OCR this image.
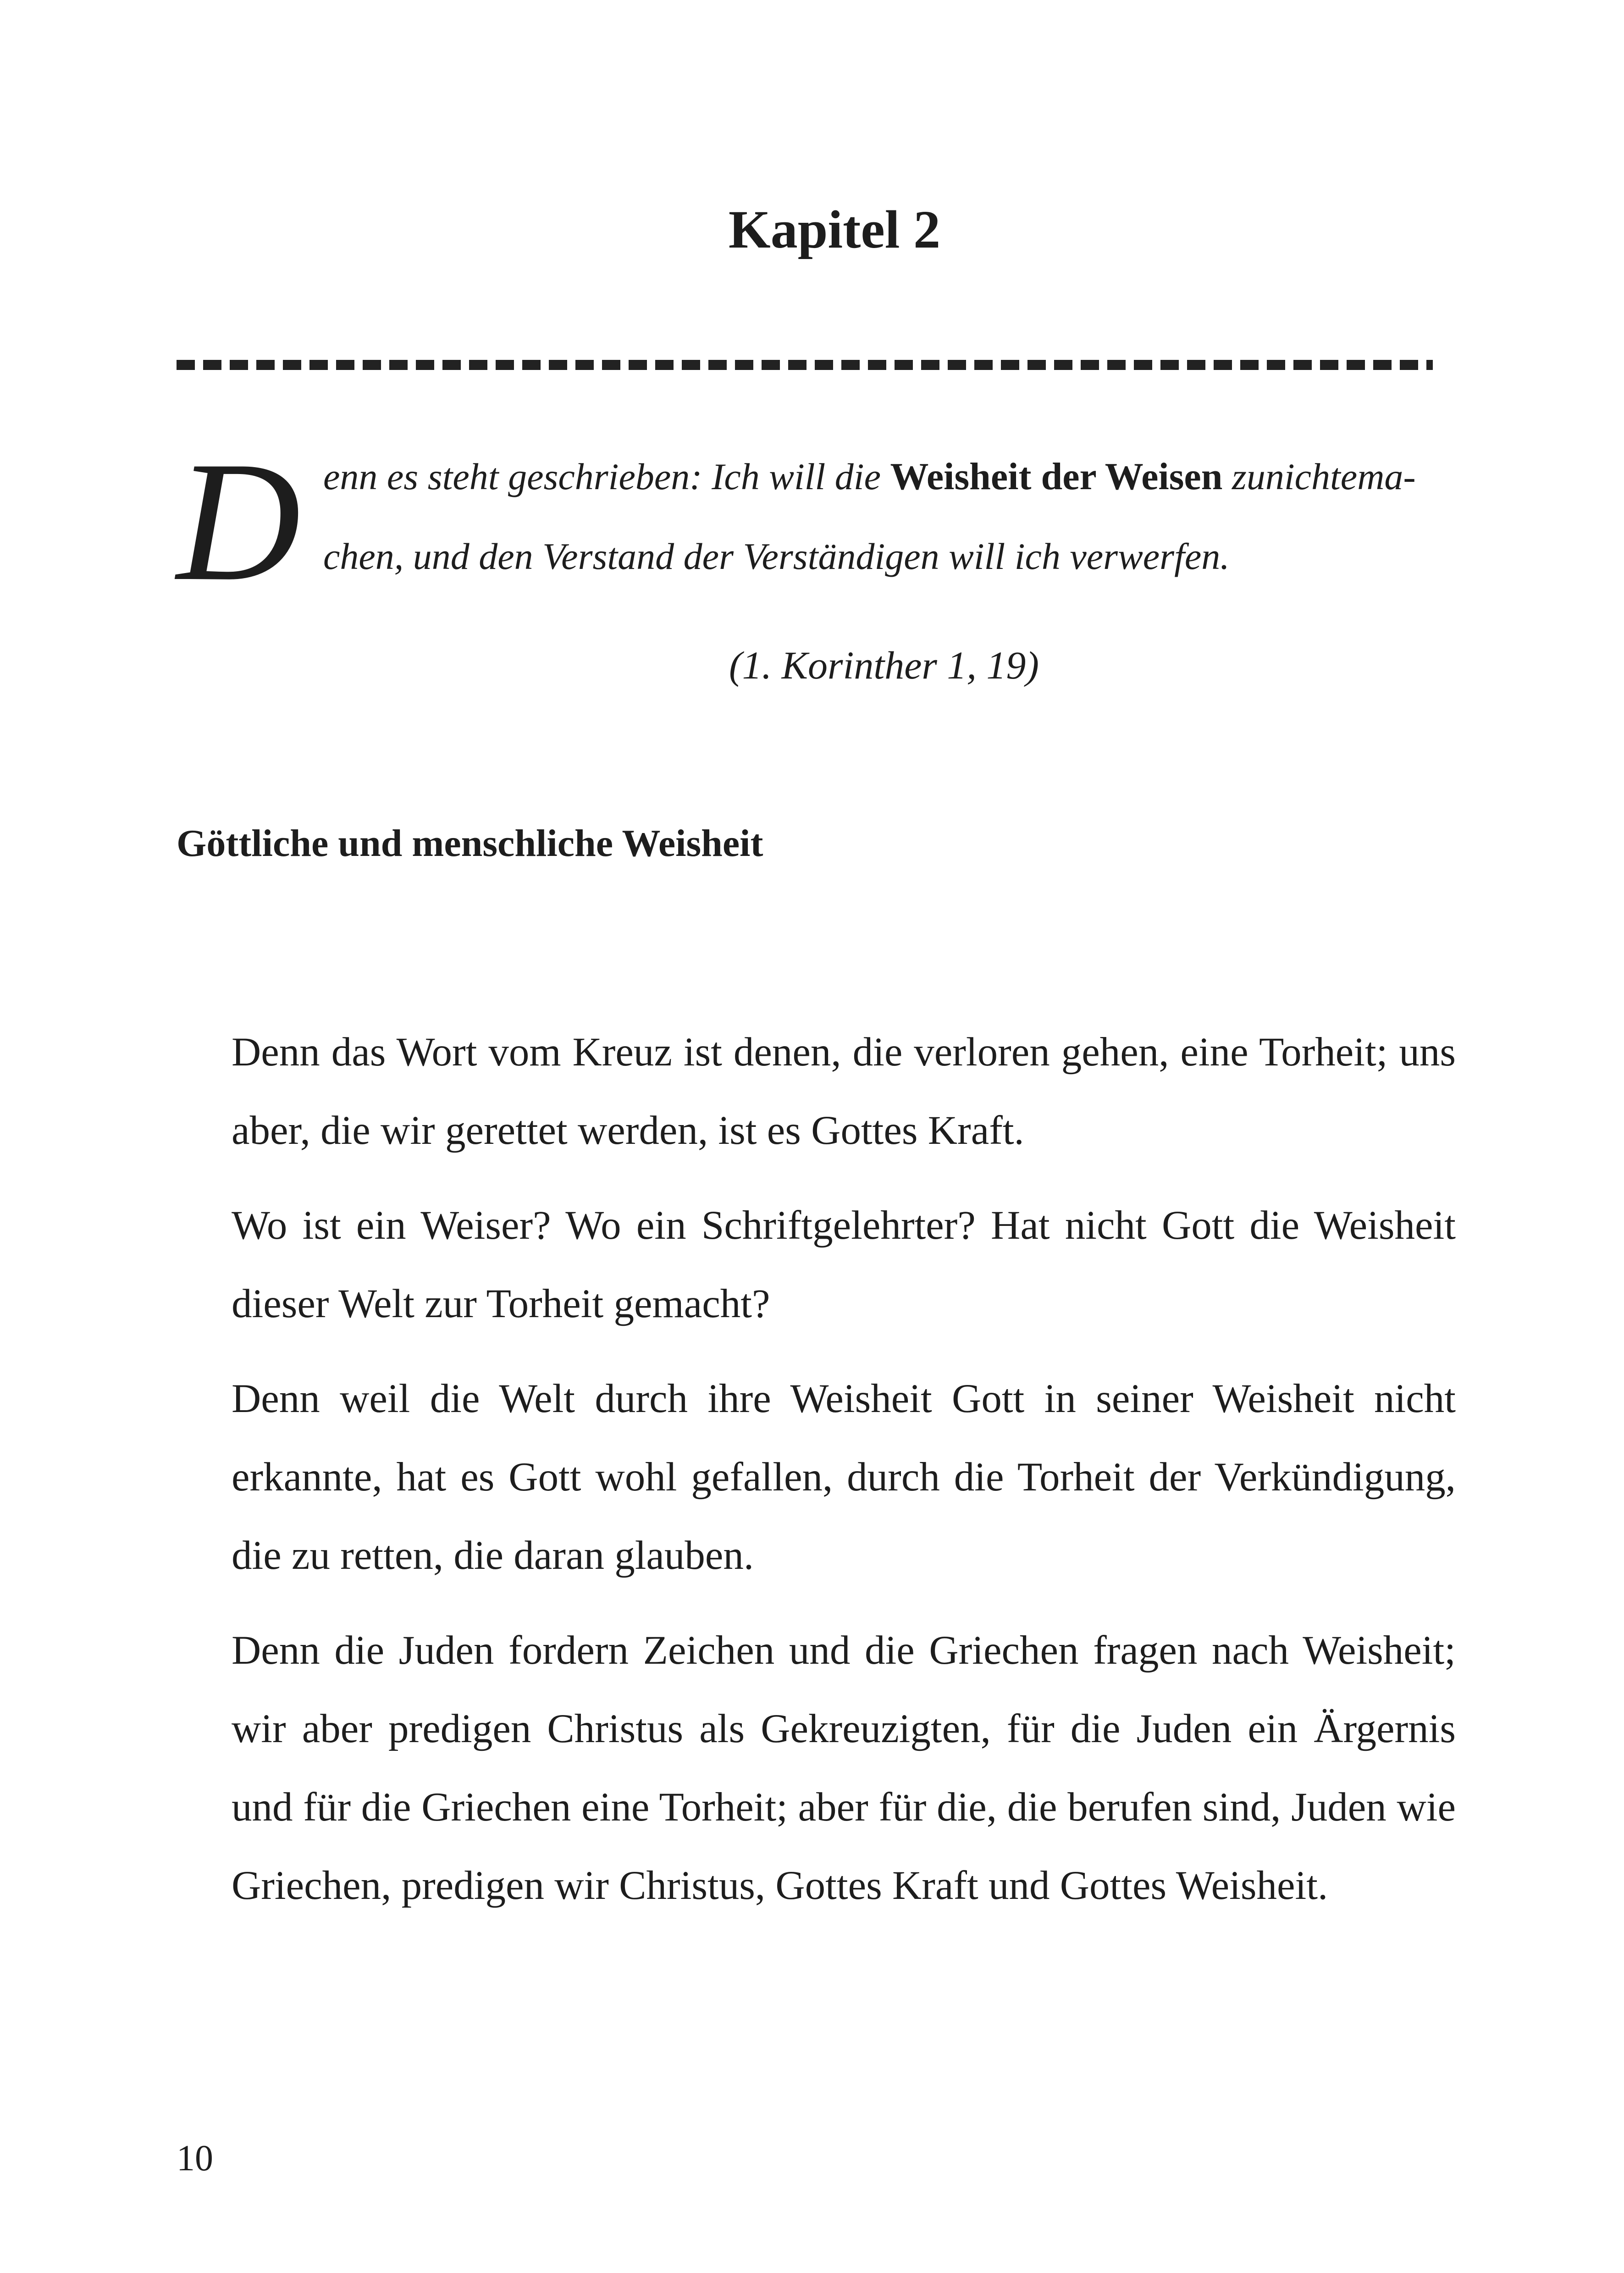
Kapitel 2
D enn es steht geschrieben: Ich will die Weisheit der Weisen zunichtema-
chen, und den Verstand der Verständigen will ich verwerfen.
(1. Korinther 1, 19)
Göttliche und menschliche Weisheit

Denn das Wort vom Kreuz ist denen, die verloren gehen, eine Torheit; uns aber, die wir gerettet werden, ist es Gottes Kraft.

Wo ist ein Weiser? Wo ein Schriftgelehrter? Hat nicht Gott die Weisheit dieser Welt zur Torheit gemacht?

Denn weil die Welt durch ihre Weisheit Gott in seiner Weisheit nicht erkannte, hat es Gott wohl gefallen, durch die Torheit der Verkündigung, die zu retten, die daran glauben.

Denn die Juden fordern Zeichen und die Griechen fragen nach Weisheit; wir aber predigen Christus als Gekreuzigten, für die Juden ein Ärgernis und für die Griechen eine Torheit; aber für die, die berufen sind, Juden wie Griechen, predigen wir Christus, Gottes Kraft und Gottes Weisheit.

10
